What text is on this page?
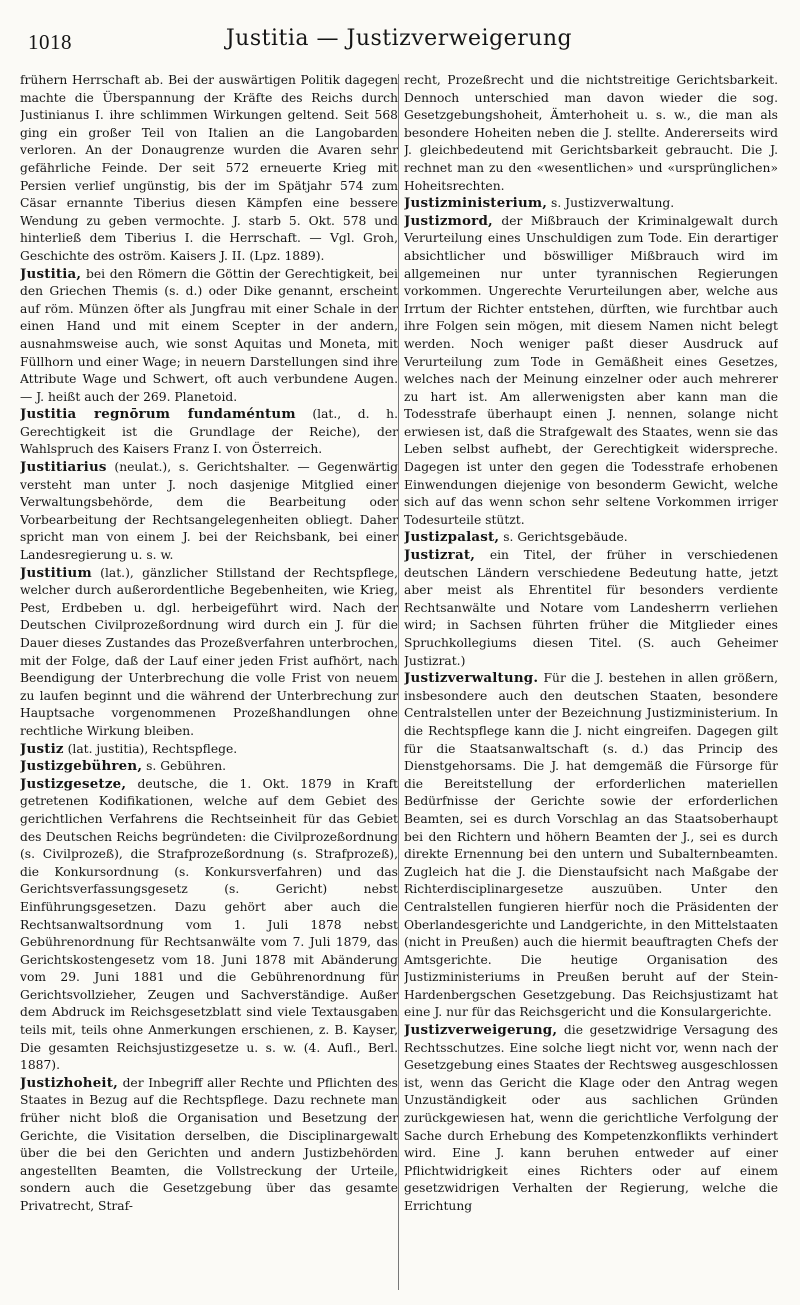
1018	Justitia — Justizverweigerung

frühern Herrschaft ab. Bei der auswärtigen Politik dagegen machte die Überspannung der Kräfte des Reichs durch Justinianus I. ihre schlimmen Wirkungen geltend. Seit 568 ging ein großer Teil von Italien an die Langobarden verloren. An der Donaugrenze wurden die Avaren sehr gefährliche Feinde. Der seit 572 erneuerte Krieg mit Persien verlief ungünstig, bis der im Spätjahr 574 zum Cäsar ernannte Tiberius diesen Kämpfen eine bessere Wendung zu geben vermochte. J. starb 5. Okt. 578 und hinterließ dem Tiberius I. die Herrschaft. — Vgl. Groh, Geschichte des oström. Kaisers J. II. (Lpz. 1889).

Justitia, bei den Römern die Göttin der Gerechtigkeit, bei den Griechen Themis (s. d.) oder Dike genannt, erscheint auf röm. Münzen öfter als Jungfrau mit einer Schale in der einen Hand und mit einem Scepter in der andern, ausnahmsweise auch, wie sonst Aquitas und Moneta, mit Füllhorn und einer Wage; in neuern Darstellungen sind ihre Attribute Wage und Schwert, oft auch verbundene Augen. — J. heißt auch der 269. Planetoid.

Justitia regnōrum fundaméntum (lat., d. h. Gerechtigkeit ist die Grundlage der Reiche), der Wahlspruch des Kaisers Franz I. von Österreich.

Justitiarius (neulat.), s. Gerichtshalter. — Gegenwärtig versteht man unter J. noch dasjenige Mitglied einer Verwaltungsbehörde, dem die Bearbeitung oder Vorbearbeitung der Rechtsangelegenheiten obliegt. Daher spricht man von einem J. bei der Reichsbank, bei einer Landesregierung u. s. w.

Justitium (lat.), gänzlicher Stillstand der Rechtspflege, welcher durch außerordentliche Begebenheiten, wie Krieg, Pest, Erdbeben u. dgl. herbeigeführt wird. Nach der Deutschen Civilprozeßordnung wird durch ein J. für die Dauer dieses Zustandes das Prozeßverfahren unterbrochen, mit der Folge, daß der Lauf einer jeden Frist aufhört, nach Beendigung der Unterbrechung die volle Frist von neuem zu laufen beginnt und die während der Unterbrechung zur Hauptsache vorgenommenen Prozeßhandlungen ohne rechtliche Wirkung bleiben.

Justiz (lat. justitia), Rechtspflege.

Justizgebühren, s. Gebühren.

Justizgesetze, deutsche, die 1. Okt. 1879 in Kraft getretenen Kodifikationen, welche auf dem Gebiet des gerichtlichen Verfahrens die Rechtseinheit für das Gebiet des Deutschen Reichs begründeten: die Civilprozeßordnung (s. Civilprozeß), die Strafprozeßordnung (s. Strafprozeß), die Konkursordnung (s. Konkursverfahren) und das Gerichtsverfassungsgesetz (s. Gericht) nebst Einführungsgesetzen. Dazu gehört aber auch die Rechtsanwaltsordnung vom 1. Juli 1878 nebst Gebührenordnung für Rechtsanwälte vom 7. Juli 1879, das Gerichtskostengesetz vom 18. Juni 1878 mit Abänderung vom 29. Juni 1881 und die Gebührenordnung für Gerichtsvollzieher, Zeugen und Sachverständige. Außer dem Abdruck im Reichsgesetzblatt sind viele Textausgaben teils mit, teils ohne Anmerkungen erschienen, z. B. Kayser, Die gesamten Reichsjustizgesetze u. s. w. (4. Aufl., Berl. 1887).

Justizhoheit, der Inbegriff aller Rechte und Pflichten des Staates in Bezug auf die Rechtspflege. Dazu rechnete man früher nicht bloß die Organisation und Besetzung der Gerichte, die Visitation derselben, die Disciplinargewalt über die bei den Gerichten und andern Justizbehörden angestellten Beamten, die Vollstreckung der Urteile, sondern auch die Gesetzgebung über das gesamte Privatrecht, Straf-

recht, Prozeßrecht und die nichtstreitige Gerichtsbarkeit. Dennoch unterschied man davon wieder die sog. Gesetzgebungshoheit, Ämterhoheit u. s. w., die man als besondere Hoheiten neben die J. stellte. Andererseits wird J. gleichbedeutend mit Gerichtsbarkeit gebraucht. Die J. rechnet man zu den «wesentlichen» und «ursprünglichen» Hoheitsrechten.

Justizministerium, s. Justizverwaltung.

Justizmord, der Mißbrauch der Kriminalgewalt durch Verurteilung eines Unschuldigen zum Tode. Ein derartiger absichtlicher und böswilliger Mißbrauch wird im allgemeinen nur unter tyrannischen Regierungen vorkommen. Ungerechte Verurteilungen aber, welche aus Irrtum der Richter entstehen, dürften, wie furchtbar auch ihre Folgen sein mögen, mit diesem Namen nicht belegt werden. Noch weniger paßt dieser Ausdruck auf Verurteilung zum Tode in Gemäßheit eines Gesetzes, welches nach der Meinung einzelner oder auch mehrerer zu hart ist. Am allerwenigsten aber kann man die Todesstrafe überhaupt einen J. nennen, solange nicht erwiesen ist, daß die Strafgewalt des Staates, wenn sie das Leben selbst aufhebt, der Gerechtigkeit widerspreche. Dagegen ist unter den gegen die Todesstrafe erhobenen Einwendungen diejenige von besonderm Gewicht, welche sich auf das wenn schon sehr seltene Vorkommen irriger Todesurteile stützt.

Justizpalast, s. Gerichtsgebäude.

Justizrat, ein Titel, der früher in verschiedenen deutschen Ländern verschiedene Bedeutung hatte, jetzt aber meist als Ehrentitel für besonders verdiente Rechtsanwälte und Notare vom Landesherrn verliehen wird; in Sachsen führten früher die Mitglieder eines Spruchkollegiums diesen Titel. (S. auch Geheimer Justizrat.)

Justizverwaltung. Für die J. bestehen in allen größern, insbesondere auch den deutschen Staaten, besondere Centralstellen unter der Bezeichnung Justizministerium. In die Rechtspflege kann die J. nicht eingreifen. Dagegen gilt für die Staatsanwaltschaft (s. d.) das Princip des Dienstgehorsams. Die J. hat demgemäß die Fürsorge für die Bereitstellung der erforderlichen materiellen Bedürfnisse der Gerichte sowie der erforderlichen Beamten, sei es durch Vorschlag an das Staatsoberhaupt bei den Richtern und höhern Beamten der J., sei es durch direkte Ernennung bei den untern und Subalternbeamten. Zugleich hat die J. die Dienstaufsicht nach Maßgabe der Richterdisciplinargesetze auszuüben. Unter den Centralstellen fungieren hierfür noch die Präsidenten der Oberlandesgerichte und Landgerichte, in den Mittelstaaten (nicht in Preußen) auch die hiermit beauftragten Chefs der Amtsgerichte. Die heutige Organisation des Justizministeriums in Preußen beruht auf der Stein-Hardenbergschen Gesetzgebung. Das Reichsjustizamt hat eine J. nur für das Reichsgericht und die Konsulargerichte.

Justizverweigerung, die gesetzwidrige Versagung des Rechtsschutzes. Eine solche liegt nicht vor, wenn nach der Gesetzgebung eines Staates der Rechtsweg ausgeschlossen ist, wenn das Gericht die Klage oder den Antrag wegen Unzuständigkeit oder aus sachlichen Gründen zurückgewiesen hat, wenn die gerichtliche Verfolgung der Sache durch Erhebung des Kompetenzkonflikts verhindert wird. Eine J. kann beruhen entweder auf einer Pflichtwidrigkeit eines Richters oder auf einem gesetzwidrigen Verhalten der Regierung, welche die Errichtung
